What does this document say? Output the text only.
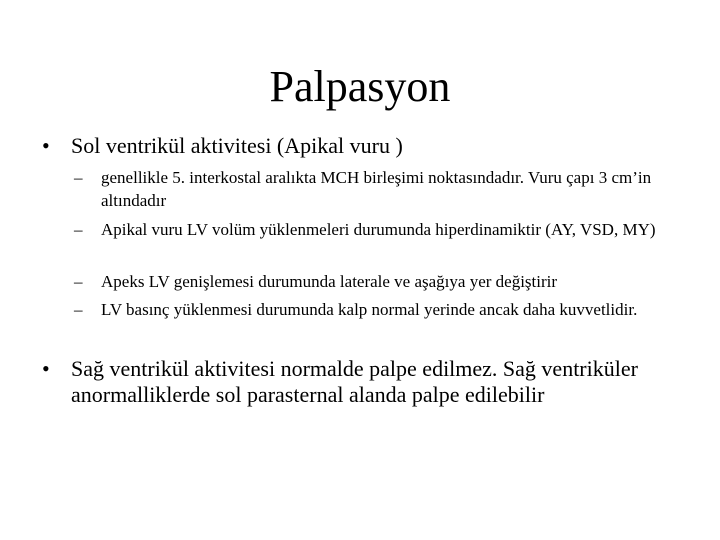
Palpasyon
• Sol ventrikül aktivitesi (Apikal vuru )
– genellikle 5. interkostal aralıkta MCH birleşimi noktasındadır. Vuru çapı 3 cm’in altındadır
– Apikal vuru LV volüm yüklenmeleri durumunda hiperdinamiktir (AY, VSD, MY)
– Apeks LV genişlemesi durumunda laterale ve aşağıya yer değiştirir
– LV basınç yüklenmesi durumunda kalp normal yerinde ancak daha kuvvetlidir.
• Sağ ventrikül aktivitesi normalde palpe edilmez. Sağ ventriküler anormalliklerde sol parasternal alanda palpe edilebilir
